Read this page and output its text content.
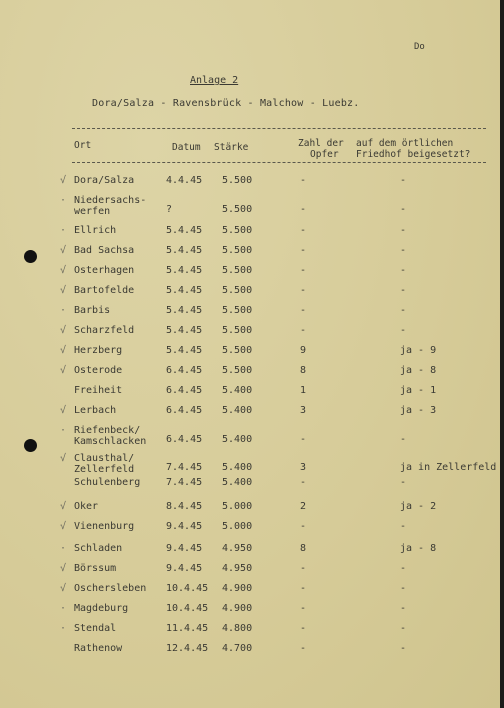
Do
Anlage 2
Dora/Salza - Ravensbrück - Malchow - Luebz.
Ort	Datum Stärke	Zahl der
Opfer
auf dem örtlichen
Friedhof beigesetzt?
√ Dora/Salza	4.4.45 5.500	-	-
· Niedersachs-
werfen	?	5.500	-	-
· Ellrich	5.4.45 5.500	-	-
√ Bad Sachsa	5.4.45 5.500	-	-
√ Osterhagen	5.4.45 5.500	-	-
√ Bartofelde	5.4.45 5.500	-	-
· Barbis	5.4.45 5.500	-	-
√ Scharzfeld	5.4.45 5.500	-	-
√ Herzberg	5.4.45 5.500	9	ja - 9
√ Osterode	6.4.45 5.500	8	ja - 8
Freiheit	6.4.45 5.400	1	ja - 1
√ Lerbach	6.4.45 5.400	3	ja - 3
· Riefenbeck/
Kamschlacken 6.4.45 5.400	-	-
√ Clausthal/
Zellerfeld	7.4.45 5.400	3	ja in Zellerfeld
Schulenberg	7.4.45 5.400	-	-
√ Oker	8.4.45 5.000	2	ja - 2
√ Vienenburg	9.4.45 5.000	-	-
· Schladen	9.4.45 4.950	8	ja - 8
√ Börssum	9.4.45 4.950	-	-
√ Oschersleben 10.4.45 4.900	-	-
· Magdeburg	10.4.45 4.900	-	-
· Stendal	11.4.45 4.800	-	-
Rathenow	12.4.45 4.700	-	-
